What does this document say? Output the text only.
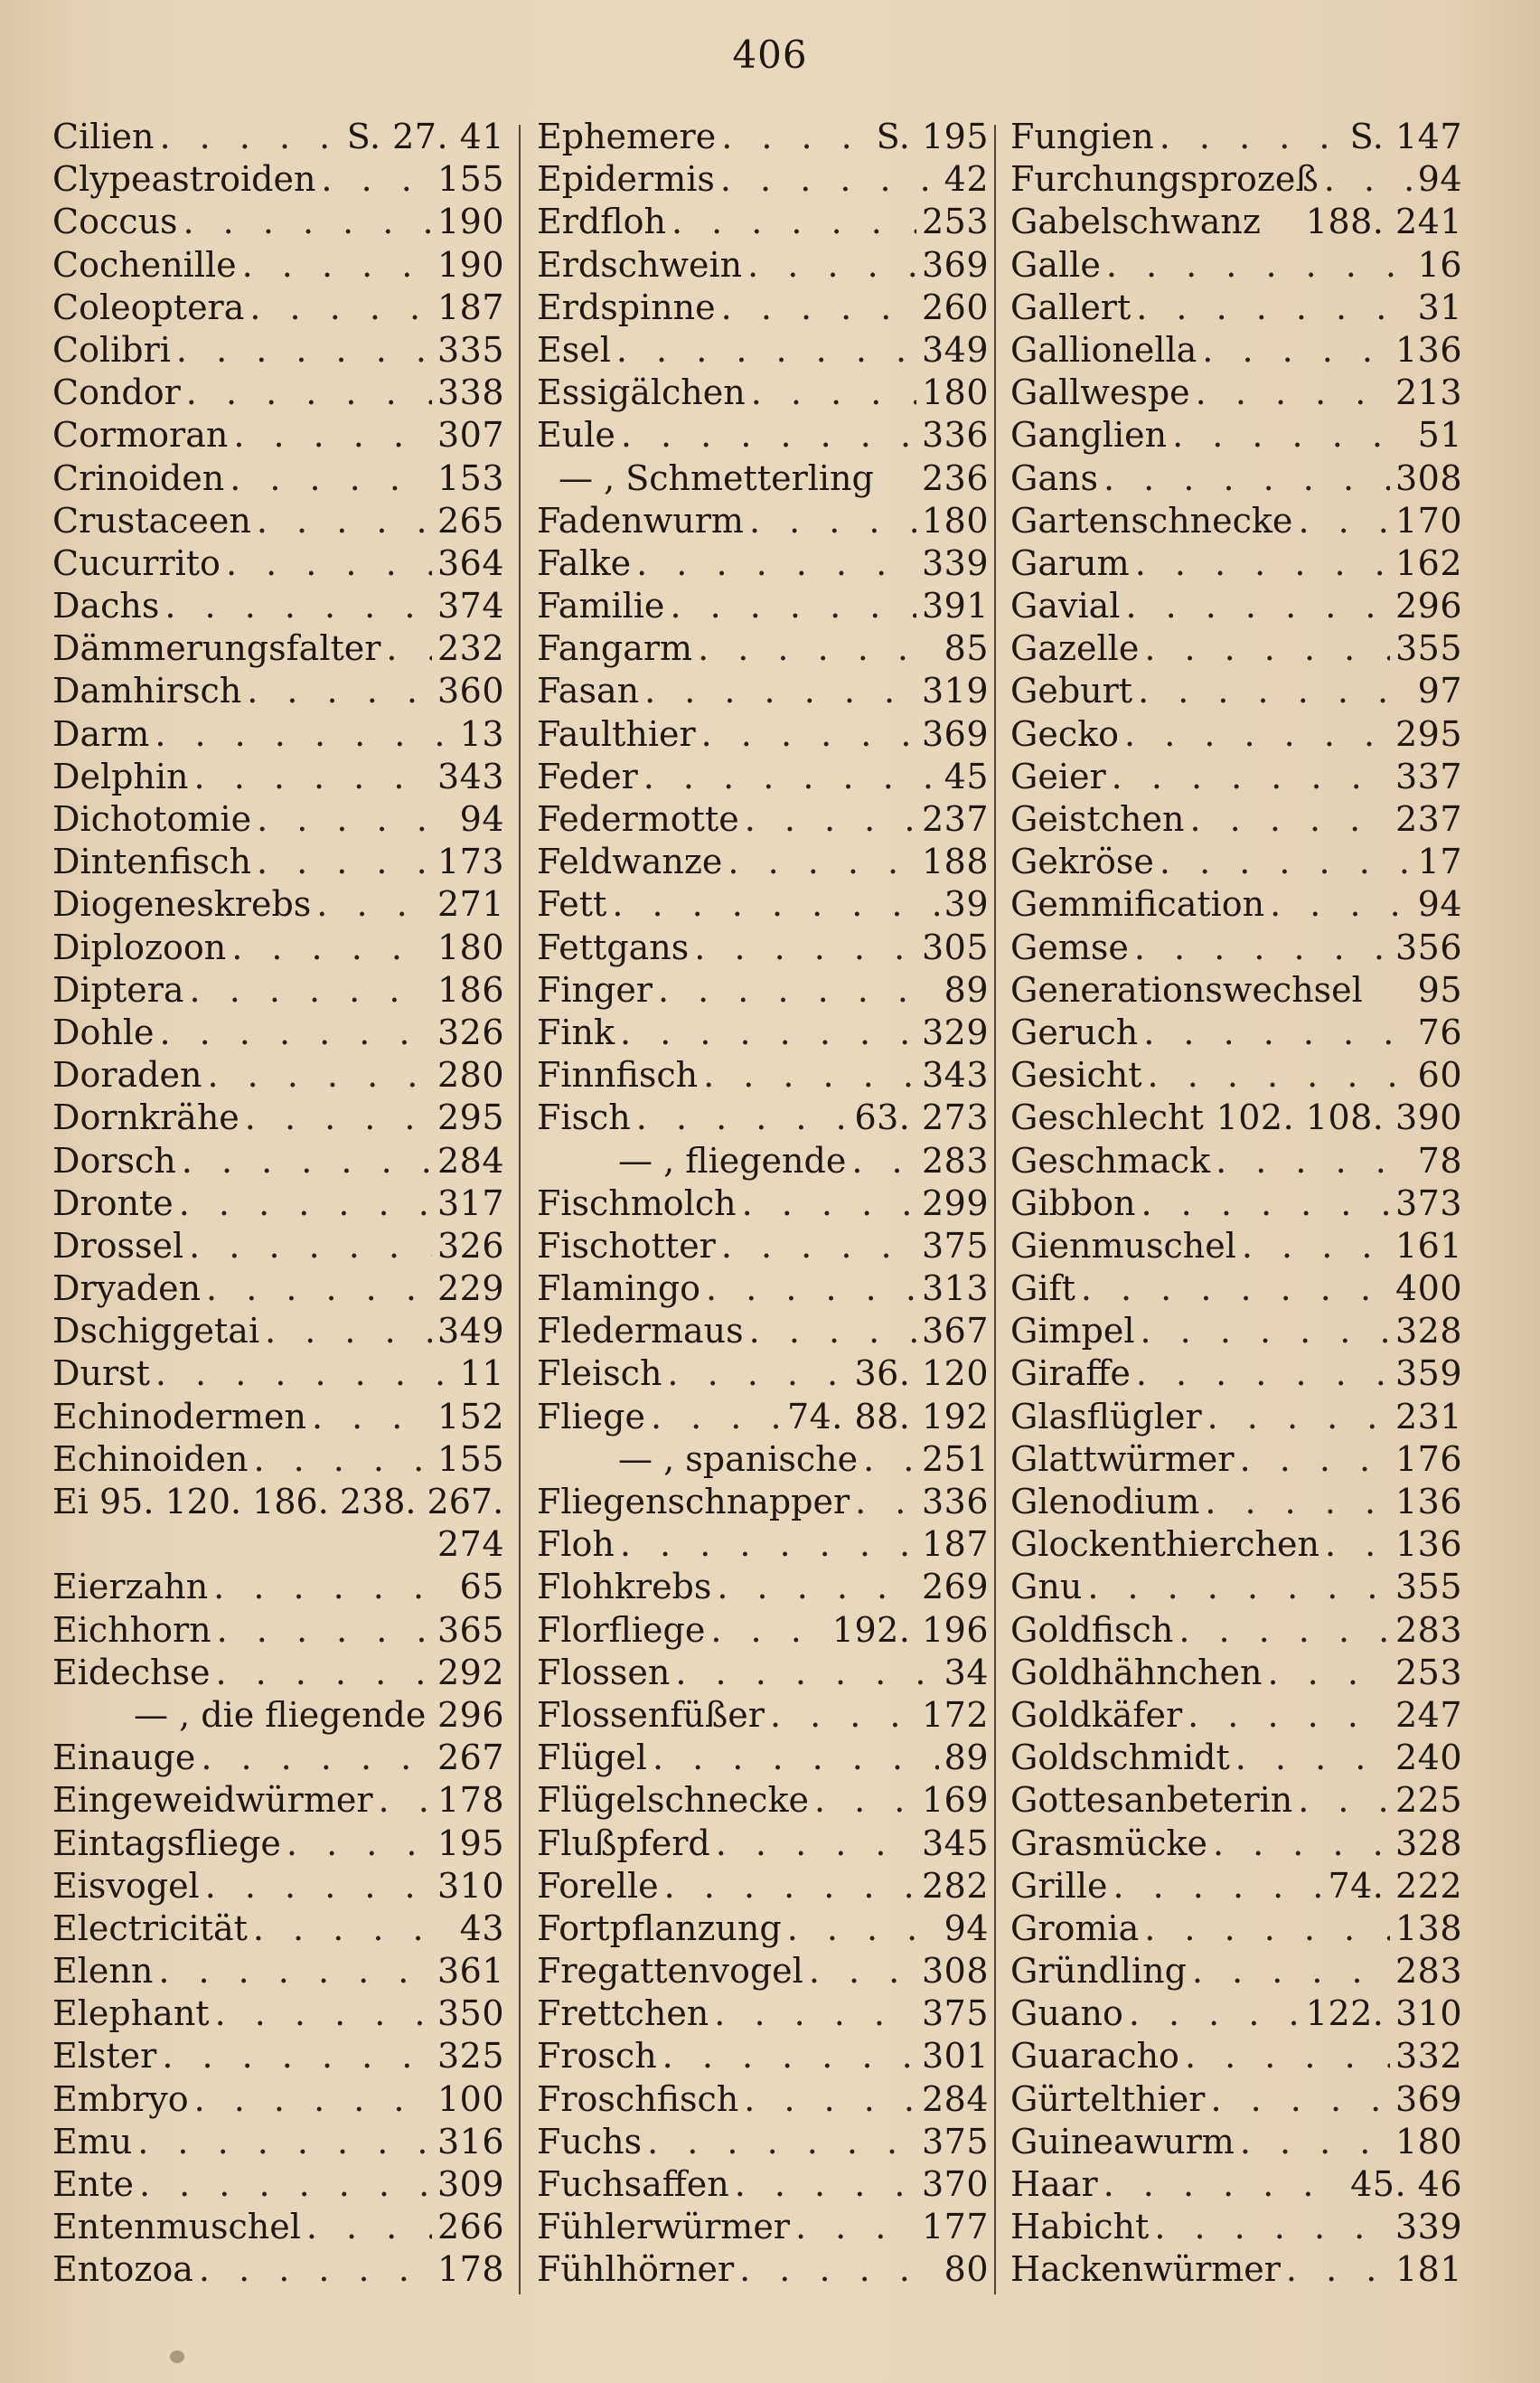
406
Cilien . . .	S. 27. 41
Clypeastroiden . . .	155
Coccus . . .	190
Cochenille . . .	190
Coleoptera . . .	187
Colibri . . .	335
Condor . . .	338
Cormoran . . .	307
Crinoiden . . .	153
Crustaceen . . .	265
Cucurrito . . .	364
Dachs . . .	374
Dämmerungsfalter . . . 232
Damhirsch . . .	360
Darm . . .	13
Delphin . . .	343
Dichotomie . . .	94
Dintenfisch . . .	173
Diogeneskrebs . . .	271
Diplozoon . . .	180
Diptera . . .	186
Dohle . . .	326
Doraden . . .	280
Dornkrähe . . .	295
Dorsch . . .	284
Dronte . . .	317
Drossel . . .	326
Dryaden . . .	229
Dschiggetai . . .	349
Durst . . .	11
Echinodermen . . .	152
Echinoiden . . .	155
Ei 95. 120. 186. 238. 267.
274
Eierzahn . . .	65
Eichhorn . . .	365
Eidechse . . .	292
— , die fliegende 296
Einauge . . .	267
Eingeweidwürmer . . . 178
Eintagsfliege . . .	195
Eisvogel . . .	310
Electricität . . .	43
Elenn . . .	361
Elephant . . .	350
Elster . . .	325
Embryo . . .	100
Emu . . .	316
Ente . . .	309
Entenmuschel . . .	266
Entozoa . . .	178
Ephemere . . .	S. 195
Epidermis . . .	42
Erdfloh . . .	253
Erdschwein . . .	369
Erdspinne . . .	260
Esel . . .	349
Essigälchen . . .	180
Eule . . .	336
— , Schmetterling 236
Fadenwurm . . .	180
Falke . . .	339
Familie . . .	391
Fangarm . . .	85
Fasan . . .	319
Faulthier . . .	369
Feder . . .	45
Federmotte . . .	237
Feldwanze . . .	188
Fett . . .	39
Fettgans . . .	305
Finger . . .	89
Fink . . .	329
Finnfisch . . .	343
Fisch . . .	63. 273
— , fliegende . . . 283
Fischmolch . . .	299
Fischotter . . .	375
Flamingo . . .	313
Fledermaus . . .	367
Fleisch . . .	36. 120
Fliege . . .	74. 88. 192
— , spanische . . . 251
Fliegenschnapper . . . 336
Floh . . .	187
Flohkrebs . . .	269
Florfliege . . .	192. 196
Flossen . . .	34
Flossenfüßer . . .	172
Flügel . . .	89
Flügelschnecke . . .	169
Flußpferd . . .	345
Forelle . . .	282
Fortpflanzung . . .	94
Fregattenvogel . . .	308
Frettchen . . .	375
Frosch . . .	301
Froschfisch . . .	284
Fuchs . . .	375
Fuchsaffen . . .	370
Fühlerwürmer . . .	177
Fühlhörner . . .	80
Fungien . . .	S. 147
Furchungsprozeß . . .	94
Gabelschwanz 188. 241
Galle . . .	16
Gallert . . .	31
Gallionella . . .	136
Gallwespe . . .	213
Ganglien . . .	51
Gans . . .	308
Gartenschnecke . . .	170
Garum . . .	162
Gavial . . .	296
Gazelle . . .	355
Geburt . . .	97
Gecko . . .	295
Geier . . .	337
Geistchen . . .	237
Gekröse . . .	17
Gemmification . . .	94
Gemse . . .	356
Generationswechsel 95
Geruch . . .	76
Gesicht . . .	60
Geschlecht 102. 108. 390
Geschmack . . .	78
Gibbon . . .	373
Gienmuschel . . .	161
Gift . . .	400
Gimpel . . .	328
Giraffe . . .	359
Glasflügler . . .	231
Glattwürmer . . .	176
Glenodium . . .	136
Glockenthierchen . . . 136
Gnu . . .	355
Goldfisch . . .	283
Goldhähnchen . . .	253
Goldkäfer . . .	247
Goldschmidt . . .	240
Gottesanbeterin . . .	225
Grasmücke . . .	328
Grille . . .	74. 222
Gromia . . .	138
Gründling . . .	283
Guano . . .	122. 310
Guaracho . . .	332
Gürtelthier . . .	369
Guineawurm . . .	180
Haar . . .	45. 46
Habicht . . .	339
Hackenwürmer . . .	181
